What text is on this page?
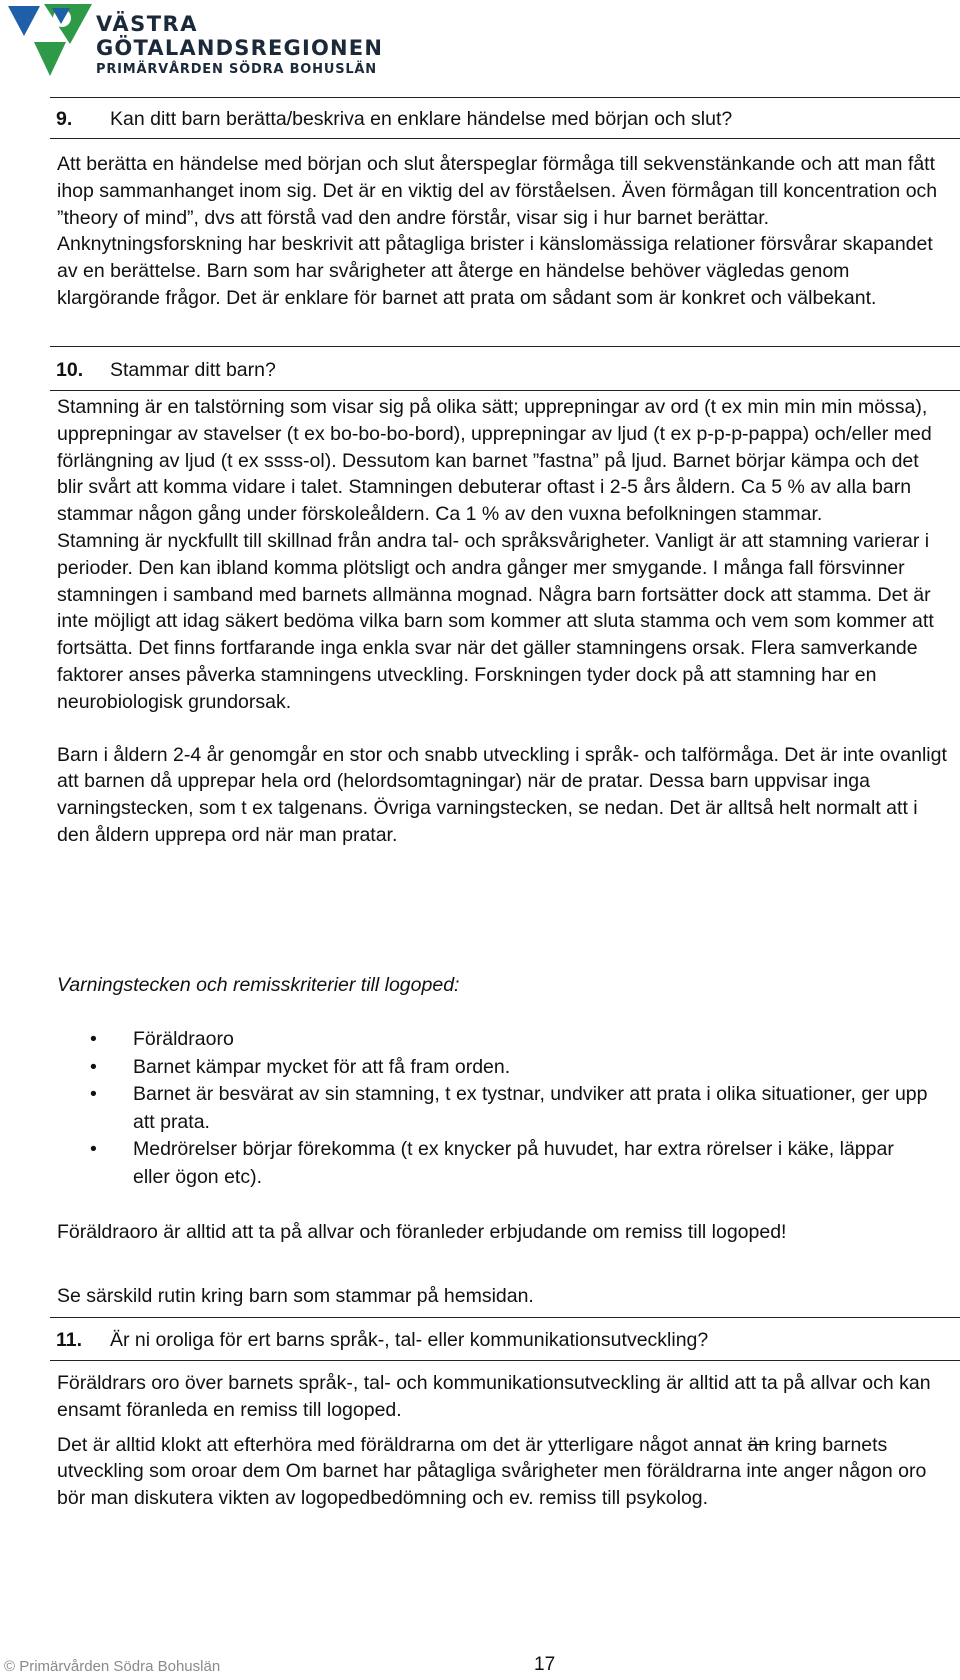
VÄSTRA
GÖTALANDSREGIONEN
PRIMÄRVÅRDEN SÖDRA BOHUSLÄN
9.	Kan ditt barn berätta/beskriva en enklare händelse med början och slut?

Att berätta en händelse med början och slut återspeglar förmåga till sekvenstänkande och att man fått ihop sammanhanget inom sig. Det är en viktig del av förståelsen. Även förmågan till koncentration och ”theory of mind”, dvs att förstå vad den andre förstår, visar sig i hur barnet berättar. Anknytningsforskning har beskrivit att påtagliga brister i känslomässiga relationer försvårar skapandet av en berättelse. Barn som har svårigheter att återge en händelse behöver vägledas genom klargörande frågor. Det är enklare för barnet att prata om sådant som är konkret och välbekant.

10.	Stammar ditt barn?

Stamning är en talstörning som visar sig på olika sätt; upprepningar av ord (t ex min min min mössa), upprepningar av stavelser (t ex bo-bo-bo-bord), upprepningar av ljud (t ex p-p-p-pappa) och/eller med förlängning av ljud (t ex ssss-ol). Dessutom kan barnet ”fastna” på ljud. Barnet börjar kämpa och det blir svårt att komma vidare i talet. Stamningen debuterar oftast i 2-5 års åldern. Ca 5 % av alla barn stammar någon gång under förskoleåldern. Ca 1 % av den vuxna befolkningen stammar.

Stamning är nyckfullt till skillnad från andra tal- och språksvårigheter. Vanligt är att stamning varierar i perioder. Den kan ibland komma plötsligt och andra gånger mer smygande. I många fall försvinner stamningen i samband med barnets allmänna mognad. Några barn fortsätter dock att stamma. Det är inte möjligt att idag säkert bedöma vilka barn som kommer att sluta stamma och vem som kommer att fortsätta. Det finns fortfarande inga enkla svar när det gäller stamningens orsak. Flera samverkande faktorer anses påverka stamningens utveckling. Forskningen tyder dock på att stamning har en neurobiologisk grundorsak.

Barn i åldern 2-4 år genomgår en stor och snabb utveckling i språk- och talförmåga. Det är inte ovanligt att barnen då upprepar hela ord (helordsomtagningar) när de pratar. Dessa barn uppvisar inga varningstecken, som t ex talgenans. Övriga varningstecken, se nedan. Det är alltså helt normalt att i den åldern upprepa ord när man pratar.

Varningstecken och remisskriterier till logoped:
• Föräldraoro
• Barnet kämpar mycket för att få fram orden.
• Barnet är besvärat av sin stamning, t ex tystnar, undviker att prata i olika situationer, ger upp att prata.
• Medrörelser börjar förekomma (t ex knycker på huvudet, har extra rörelser i käke, läppar eller ögon etc).
Föräldraoro är alltid att ta på allvar och föranleder erbjudande om remiss till logoped!
Se särskild rutin kring barn som stammar på hemsidan.
11.	Är ni oroliga för ert barns språk-, tal- eller kommunikationsutveckling?

Föräldrars oro över barnets språk-, tal- och kommunikationsutveckling är alltid att ta på allvar och kan ensamt föranleda en remiss till logoped.

Det är alltid klokt att efterhöra med föräldrarna om det är ytterligare något annat än kring barnets utveckling som oroar dem Om barnet har påtagliga svårigheter men föräldrarna inte anger någon oro bör man diskutera vikten av logopedbedömning och ev. remiss till psykolog.

© Primärvården Södra Bohuslän	17
